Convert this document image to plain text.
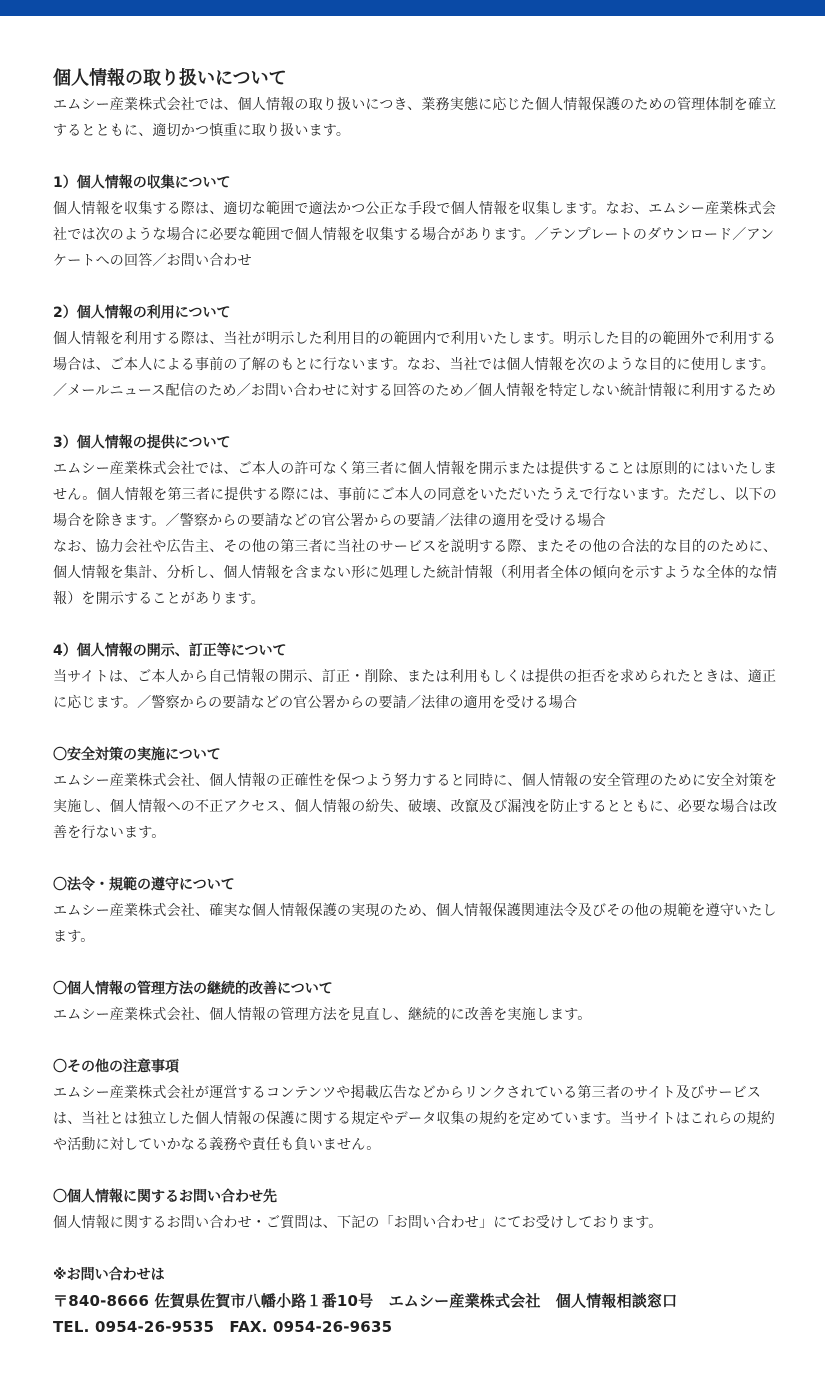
個人情報の取り扱いについて

エムシー産業株式会社では、個人情報の取り扱いにつき、業務実態に応じた個人情報保護のための管理体制を確立するとともに、適切かつ慎重に取り扱います。

1）個人情報の収集について

個人情報を収集する際は、適切な範囲で適法かつ公正な手段で個人情報を収集します。なお、エムシー産業株式会社では次のような場合に必要な範囲で個人情報を収集する場合があります。／テンプレートのダウンロード／アンケートへの回答／お問い合わせ

2）個人情報の利用について

個人情報を利用する際は、当社が明示した利用目的の範囲内で利用いたします。明示した目的の範囲外で利用する場合は、ご本人による事前の了解のもとに行ないます。なお、当社では個人情報を次のような目的に使用します。／メールニュース配信のため／お問い合わせに対する回答のため／個人情報を特定しない統計情報に利用するため

3）個人情報の提供について

エムシー産業株式会社では、ご本人の許可なく第三者に個人情報を開示または提供することは原則的にはいたしません。個人情報を第三者に提供する際には、事前にご本人の同意をいただいたうえで行ないます。ただし、以下の場合を除きます。／警察からの要請などの官公署からの要請／法律の適用を受ける場合
なお、協力会社や広告主、その他の第三者に当社のサービスを説明する際、またその他の合法的な目的のために、個人情報を集計、分析し、個人情報を含まない形に処理した統計情報（利用者全体の傾向を示すような全体的な情報）を開示することがあります。

4）個人情報の開示、訂正等について

当サイトは、ご本人から自己情報の開示、訂正・削除、または利用もしくは提供の拒否を求められたときは、適正に応じます。／警察からの要請などの官公署からの要請／法律の適用を受ける場合

〇安全対策の実施について

エムシー産業株式会社、個人情報の正確性を保つよう努力すると同時に、個人情報の安全管理のために安全対策を実施し、個人情報への不正アクセス、個人情報の紛失、破壊、改竄及び漏洩を防止するとともに、必要な場合は改善を行ないます。

〇法令・規範の遵守について

エムシー産業株式会社、確実な個人情報保護の実現のため、個人情報保護関連法令及びその他の規範を遵守いたします。

〇個人情報の管理方法の継続的改善について

エムシー産業株式会社、個人情報の管理方法を見直し、継続的に改善を実施します。

〇その他の注意事項

エムシー産業株式会社が運営するコンテンツや掲載広告などからリンクされている第三者のサイト及びサービスは、当社とは独立した個人情報の保護に関する規定やデータ収集の規約を定めています。当サイトはこれらの規約や活動に対していかなる義務や責任も負いません。

〇個人情報に関するお問い合わせ先

個人情報に関するお問い合わせ・ご質問は、下記の「お問い合わせ」にてお受けしております。

※お問い合わせは

〒840-8666 佐賀県佐賀市八幡小路１番10号　エムシー産業株式会社　個人情報相談窓口

TEL. 0954-26-9535　FAX. 0954-26-9635
